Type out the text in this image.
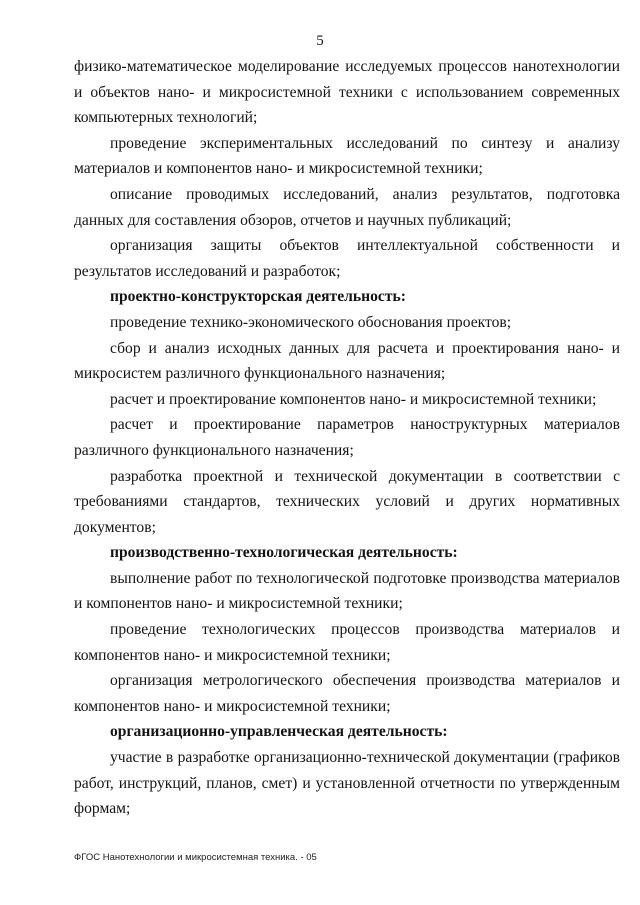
5

физико-математическое моделирование исследуемых процессов нанотехнологии и объектов нано- и микросистемной техники с использованием современных компьютерных технологий;

проведение экспериментальных исследований по синтезу и анализу материалов и компонентов нано- и микросистемной техники;

описание проводимых исследований, анализ результатов, подготовка данных для составления обзоров, отчетов и научных публикаций;

организация защиты объектов интеллектуальной собственности и результатов исследований и разработок;

проектно-конструкторская деятельность:

проведение технико-экономического обоснования проектов;

сбор и анализ исходных данных для расчета и проектирования нано- и микросистем различного функционального назначения;

расчет и проектирование компонентов нано- и микросистемной техники;

расчет и проектирование параметров наноструктурных материалов различного функционального назначения;

разработка проектной и технической документации в соответствии с требованиями стандартов, технических условий и других нормативных документов;

производственно-технологическая деятельность:

выполнение работ по технологической подготовке производства материалов и компонентов нано- и микросистемной техники;

проведение технологических процессов производства материалов и компонентов нано- и микросистемной техники;

организация метрологического обеспечения производства материалов и компонентов нано- и микросистемной техники;

организационно-управленческая деятельность:

участие в разработке организационно-технической документации (графиков работ, инструкций, планов, смет) и установленной отчетности по утвержденным формам;

ФГОС Нанотехнологии и микросистемная техника. - 05
